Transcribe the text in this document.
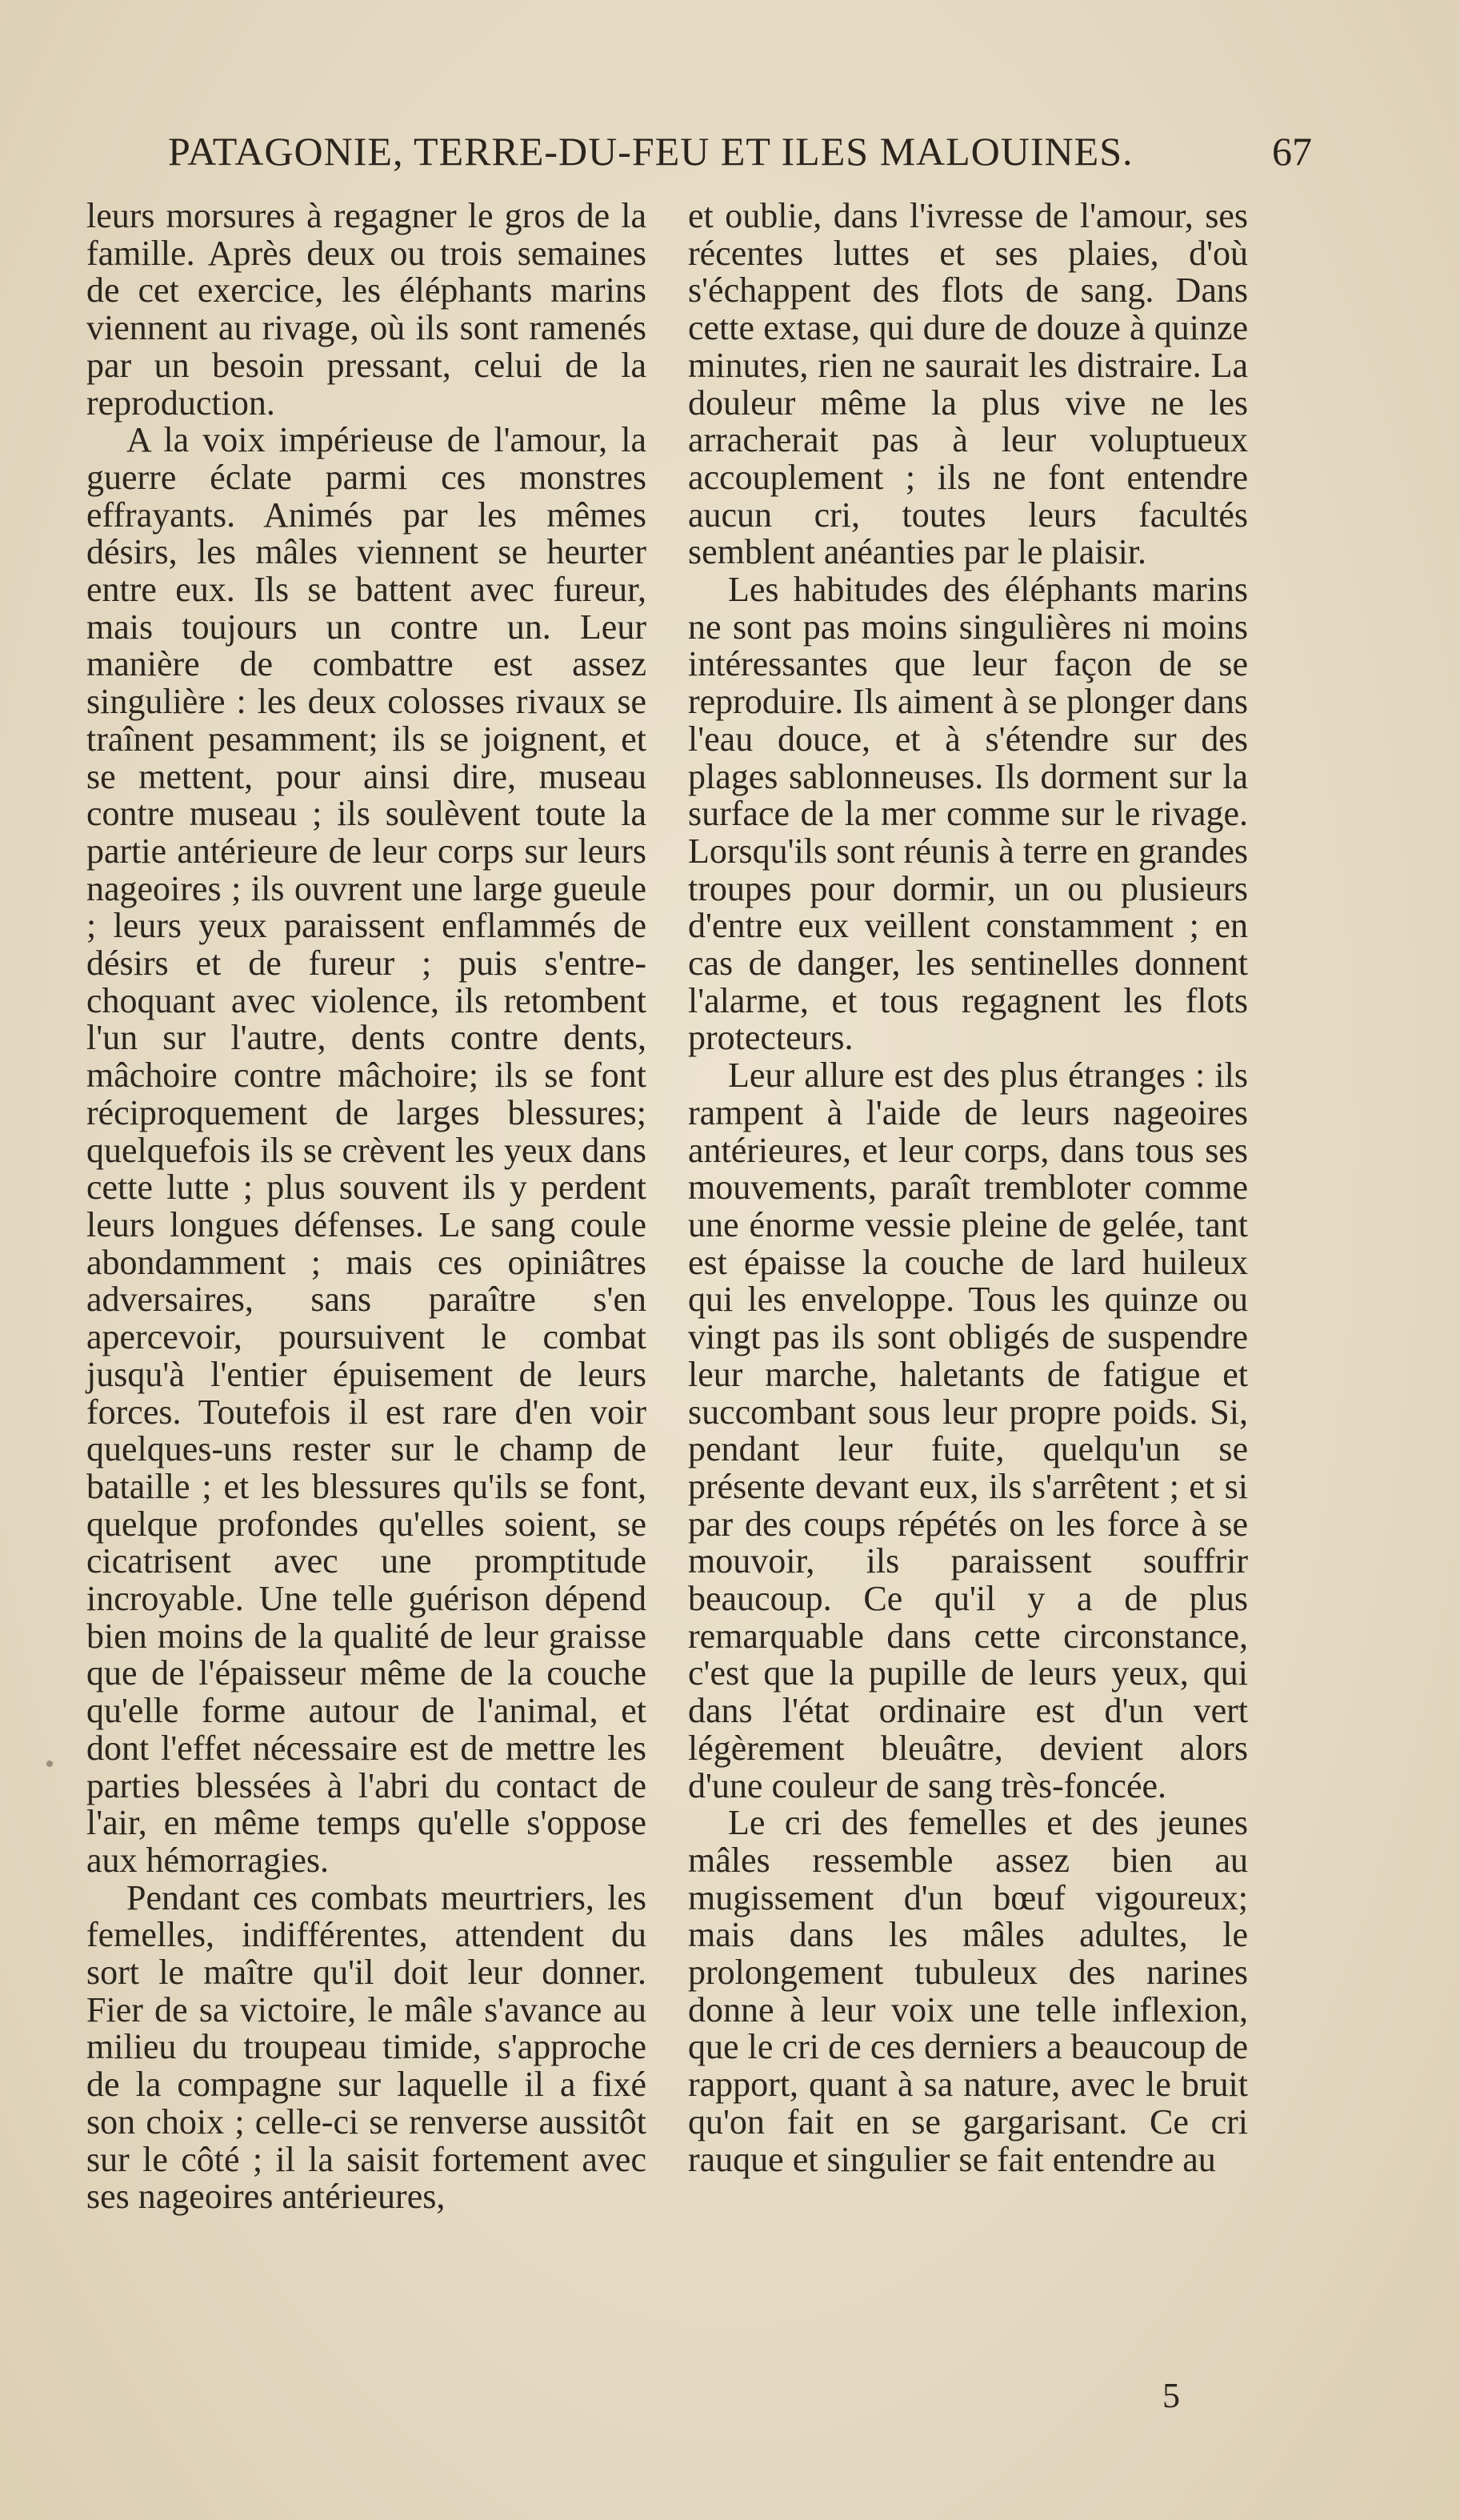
PATAGONIE, TERRE-DU-FEU ET ILES MALOUINES.	67

leurs morsures à regagner le gros de la famille. Après deux ou trois semaines de cet exercice, les éléphants marins viennent au rivage, où ils sont ramenés par un besoin pressant, celui de la reproduction.

A la voix impérieuse de l'amour, la guerre éclate parmi ces monstres effrayants. Animés par les mêmes désirs, les mâles viennent se heurter entre eux. Ils se battent avec fureur, mais toujours un contre un. Leur manière de combattre est assez singulière : les deux colosses rivaux se traînent pesamment; ils se joignent, et se mettent, pour ainsi dire, museau contre museau ; ils soulèvent toute la partie antérieure de leur corps sur leurs nageoires ; ils ouvrent une large gueule ; leurs yeux paraissent enflammés de désirs et de fureur ; puis s'entre-choquant avec violence, ils retombent l'un sur l'autre, dents contre dents, mâchoire contre mâchoire; ils se font réciproquement de larges blessures; quelquefois ils se crèvent les yeux dans cette lutte ; plus souvent ils y perdent leurs longues défenses. Le sang coule abondamment ; mais ces opiniâtres adversaires, sans paraître s'en apercevoir, poursuivent le combat jusqu'à l'entier épuisement de leurs forces. Toutefois il est rare d'en voir quelques-uns rester sur le champ de bataille ; et les blessures qu'ils se font, quelque profondes qu'elles soient, se cicatrisent avec une promptitude incroyable. Une telle guérison dépend bien moins de la qualité de leur graisse que de l'épaisseur même de la couche qu'elle forme autour de l'animal, et dont l'effet nécessaire est de mettre les parties blessées à l'abri du contact de l'air, en même temps qu'elle s'oppose aux hémorragies.

Pendant ces combats meurtriers, les femelles, indifférentes, attendent du sort le maître qu'il doit leur donner. Fier de sa victoire, le mâle s'avance au milieu du troupeau timide, s'approche de la compagne sur laquelle il a fixé son choix ; celle-ci se renverse aussitôt sur le côté ; il la saisit fortement avec ses nageoires antérieures,

et oublie, dans l'ivresse de l'amour, ses récentes luttes et ses plaies, d'où s'échappent des flots de sang. Dans cette extase, qui dure de douze à quinze minutes, rien ne saurait les distraire. La douleur même la plus vive ne les arracherait pas à leur voluptueux accouplement ; ils ne font entendre aucun cri, toutes leurs facultés semblent anéanties par le plaisir.

Les habitudes des éléphants marins ne sont pas moins singulières ni moins intéressantes que leur façon de se reproduire. Ils aiment à se plonger dans l'eau douce, et à s'étendre sur des plages sablonneuses. Ils dorment sur la surface de la mer comme sur le rivage. Lorsqu'ils sont réunis à terre en grandes troupes pour dormir, un ou plusieurs d'entre eux veillent constamment ; en cas de danger, les sentinelles donnent l'alarme, et tous regagnent les flots protecteurs.

Leur allure est des plus étranges : ils rampent à l'aide de leurs nageoires antérieures, et leur corps, dans tous ses mouvements, paraît trembloter comme une énorme vessie pleine de gelée, tant est épaisse la couche de lard huileux qui les enveloppe. Tous les quinze ou vingt pas ils sont obligés de suspendre leur marche, haletants de fatigue et succombant sous leur propre poids. Si, pendant leur fuite, quelqu'un se présente devant eux, ils s'arrêtent ; et si par des coups répétés on les force à se mouvoir, ils paraissent souffrir beaucoup. Ce qu'il y a de plus remarquable dans cette circonstance, c'est que la pupille de leurs yeux, qui dans l'état ordinaire est d'un vert légèrement bleuâtre, devient alors d'une couleur de sang très-foncée.

Le cri des femelles et des jeunes mâles ressemble assez bien au mugissement d'un bœuf vigoureux; mais dans les mâles adultes, le prolongement tubuleux des narines donne à leur voix une telle inflexion, que le cri de ces derniers a beaucoup de rapport, quant à sa nature, avec le bruit qu'on fait en se gargarisant. Ce cri rauque et singulier se fait entendre au

5
